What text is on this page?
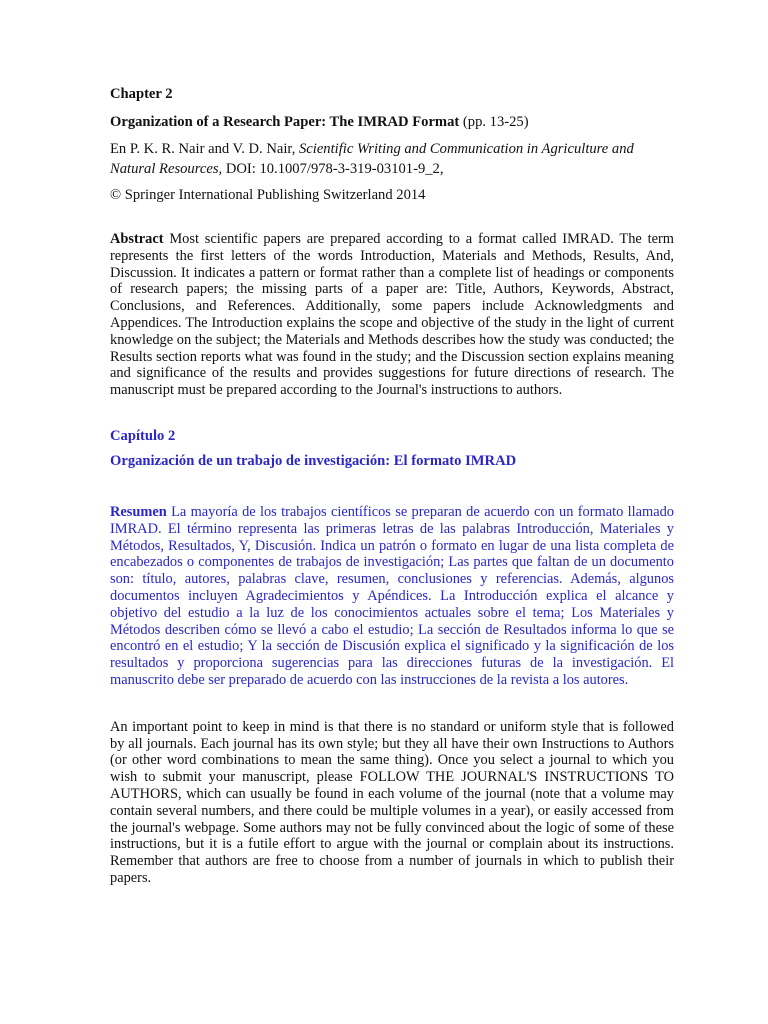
Chapter 2

Organization of a Research Paper: The IMRAD Format (pp. 13-25)

En P. K. R. Nair and V. D. Nair, Scientific Writing and Communication in Agriculture and Natural Resources, DOI: 10.1007/978-3-319-03101-9_2,

© Springer International Publishing Switzerland 2014

Abstract Most scientific papers are prepared according to a format called IMRAD. The term represents the first letters of the words Introduction, Materials and Methods, Results, And, Discussion. It indicates a pattern or format rather than a complete list of headings or components of research papers; the missing parts of a paper are: Title, Authors, Keywords, Abstract, Conclusions, and References. Additionally, some papers include Acknowledgments and Appendices. The Introduction explains the scope and objective of the study in the light of current knowledge on the subject; the Materials and Methods describes how the study was conducted; the Results section reports what was found in the study; and the Discussion section explains meaning and significance of the results and provides suggestions for future directions of research. The manuscript must be prepared according to the Journal's instructions to authors.

Capítulo 2

Organización de un trabajo de investigación: El formato IMRAD

Resumen La mayoría de los trabajos científicos se preparan de acuerdo con un formato llamado IMRAD. El término representa las primeras letras de las palabras Introducción, Materiales y Métodos, Resultados, Y, Discusión. Indica un patrón o formato en lugar de una lista completa de encabezados o componentes de trabajos de investigación; Las partes que faltan de un documento son: título, autores, palabras clave, resumen, conclusiones y referencias. Además, algunos documentos incluyen Agradecimientos y Apéndices. La Introducción explica el alcance y objetivo del estudio a la luz de los conocimientos actuales sobre el tema; Los Materiales y Métodos describen cómo se llevó a cabo el estudio; La sección de Resultados informa lo que se encontró en el estudio; Y la sección de Discusión explica el significado y la significación de los resultados y proporciona sugerencias para las direcciones futuras de la investigación. El manuscrito debe ser preparado de acuerdo con las instrucciones de la revista a los autores.

An important point to keep in mind is that there is no standard or uniform style that is followed by all journals. Each journal has its own style; but they all have their own Instructions to Authors (or other word combinations to mean the same thing). Once you select a journal to which you wish to submit your manuscript, please FOLLOW THE JOURNAL'S INSTRUCTIONS TO AUTHORS, which can usually be found in each volume of the journal (note that a volume may contain several numbers, and there could be multiple volumes in a year), or easily accessed from the journal's webpage. Some authors may not be fully convinced about the logic of some of these instructions, but it is a futile effort to argue with the journal or complain about its instructions. Remember that authors are free to choose from a number of journals in which to publish their papers.
